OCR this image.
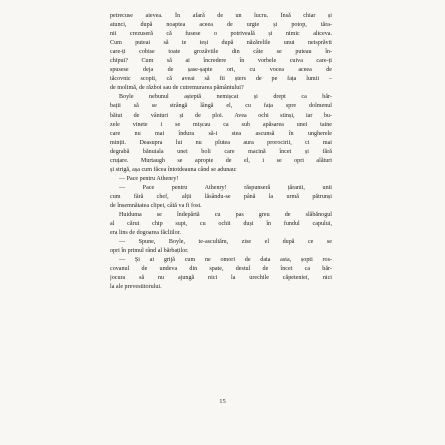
petrecuse aievea. În afară de un lucru. Însă chiar și
atunci, după noaptea aceea de urgie și potop, tăra-
nii crezuseră că fusese o potriveală și nimic altceva.
Cum puteai să te ieși după năzărelile unui neisprăvit
care-ți cobise toate grozăviile din câte se puteau în-
chipui? Cum să ai încredere în vorbele cuiva care-ți
spusese deja de șase-șapte ori, cu vocea aceea de
tăcovnic scopit, că aveai să fii șters de pe fața lumii –
de molimă, de război sau de cutremurarea pământului?
Boyle nebunul așteptă nemișcat și drept ca băr-
bații să se strângă lângă el, cu fața spre dolmenul
bătut de vânturi și de ploi. Avea ochi stinși, iar bu-
zele vinete i se mișcau ca sub apăsarea unei taine
care nu mai îndura să-i stea ascunsă în ungherele
minții. Deasupra lui nu plutea aura prorocirii, ci mai
degrabă bănuiala unei boli care macină încet și fără
cruțare. Murtaugh se apropie de el, i se opri alături
și strigă, așa cum făcea întotdeauna când se adunau:
— Pace pentru Athenry!
— Pace pentru Athenry! răspunseră țăranii, unii
cum fără chef, alții lăsându-se până la urmă pătrunși
de însemnătatea clipei, câtă va fi fost.
Huiduma se îndepărtă cu pas greu de slăbănogul
al cărui chip supt, cu ochii duși în fundul capului,
era lins de dogoarea făcliilor.
— Spune, Boyle, te-ascultăm, zise el după ce se
opri în primul rând al bărbaților.
— Și ai grijă cum ne omori de data asta, șopti ros-
covanul de undeva din spate, destul de încet ca băr-
jocura să nu ajungă nici la urechile căpeteniei, nici
la ale prevestitorului.
15
